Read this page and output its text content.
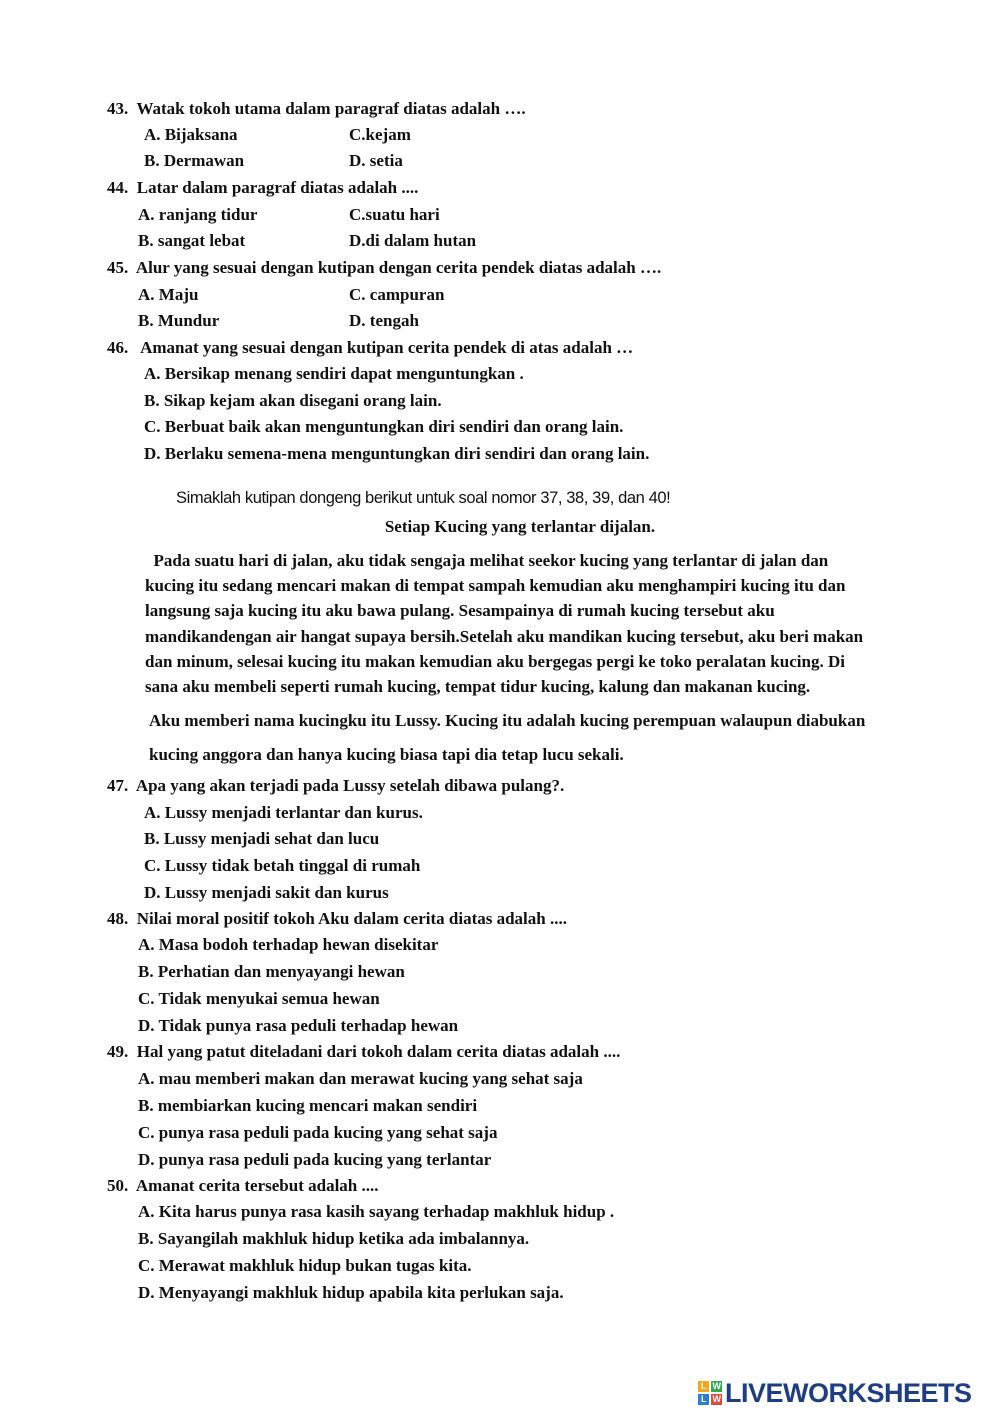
43. Watak tokoh utama dalam paragraf diatas adalah ….
A. Bijaksana	C.kejam
B. Dermawan	D. setia
44. Latar dalam paragraf diatas adalah ....
A. ranjang tidur	C.suatu hari
B. sangat lebat	D.di dalam hutan
45. Alur yang sesuai dengan kutipan dengan cerita pendek diatas adalah ….
A. Maju	C. campuran
B. Mundur	D. tengah
46. Amanat yang sesuai dengan kutipan cerita pendek di atas adalah …
A. Bersikap menang sendiri dapat menguntungkan .
B. Sikap kejam akan disegani orang lain.
C. Berbuat baik akan menguntungkan diri sendiri dan orang lain.
D. Berlaku semena-mena menguntungkan diri sendiri dan orang lain.
Simaklah kutipan dongeng berikut untuk soal nomor 37, 38, 39, dan 40!
Setiap Kucing yang terlantar dijalan.
Pada suatu hari di jalan, aku tidak sengaja melihat seekor kucing yang terlantar di jalan dan
kucing itu sedang mencari makan di tempat sampah kemudian aku menghampiri kucing itu dan
langsung saja kucing itu aku bawa pulang. Sesampainya di rumah kucing tersebut aku
mandikandengan air hangat supaya bersih.Setelah aku mandikan kucing tersebut, aku beri makan
dan minum, selesai kucing itu makan kemudian aku bergegas pergi ke toko peralatan kucing. Di
sana aku membeli seperti rumah kucing, tempat tidur kucing, kalung dan makanan kucing.
Aku memberi nama kucingku itu Lussy. Kucing itu adalah kucing perempuan walaupun diabukan
kucing anggora dan hanya kucing biasa tapi dia tetap lucu sekali.
47. Apa yang akan terjadi pada Lussy setelah dibawa pulang?.
A. Lussy menjadi terlantar dan kurus.
B. Lussy menjadi sehat dan lucu
C. Lussy tidak betah tinggal di rumah
D. Lussy menjadi sakit dan kurus
48. Nilai moral positif tokoh Aku dalam cerita diatas adalah ....
A. Masa bodoh terhadap hewan disekitar
B. Perhatian dan menyayangi hewan
C. Tidak menyukai semua hewan
D. Tidak punya rasa peduli terhadap hewan
49. Hal yang patut diteladani dari tokoh dalam cerita diatas adalah ....
A. mau memberi makan dan merawat kucing yang sehat saja
B. membiarkan kucing mencari makan sendiri
C. punya rasa peduli pada kucing yang sehat saja
D. punya rasa peduli pada kucing yang terlantar
50. Amanat cerita tersebut adalah ....
A. Kita harus punya rasa kasih sayang terhadap makhluk hidup .
B. Sayangilah makhluk hidup ketika ada imbalannya.
C. Merawat makhluk hidup bukan tugas kita.
D. Menyayangi makhluk hidup apabila kita perlukan saja.
L W
L W LIVEWORKSHEETS
